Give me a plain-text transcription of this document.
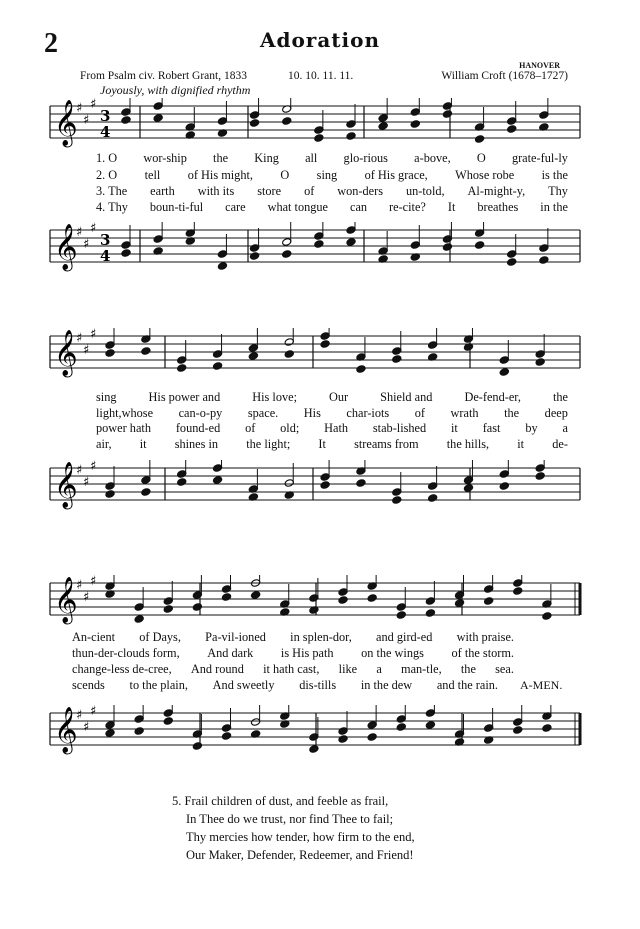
2	Adoration
From Psalm civ. Robert Grant, 1833	10. 10. 11. 11.
HANOVER
William Croft (1678–1727)
Joyously, with dignified rhythm
𝄞
♯
♯
♯
3
4
𝄞
♯
♯
♯
3
4
𝄞
♯
♯
♯
𝄞
♯
♯
♯
𝄞
♯
♯
♯
𝄞
♯
♯
♯
1. O wor-ship the King all glo-rious a-bove, O grate-ful-ly
2. O tell of His might, O sing of His grace, Whose robe is the
3. The earth with its store of won-ders un-told, Al-might-y, Thy
4. Thy boun-ti-ful care what tongue can re-cite? It breathes in the
sing	His power and	His love;	Our	Shield and	De-fend-er,	the
light,whose can-o-py space. His char-iots of wrath the deep
power hath found-ed of old; Hath stab-lished it fast by a
air, it shines in the light; It streams from the hills, it de-
An-cient of Days, Pa-vil-ioned in splen-dor, and gird-ed with praise.
thun-der-clouds form, And dark is His path on the wings of the storm.
change-less de-cree, And round it hath cast, like a man-tle, the sea.
scends to the plain, And sweetly dis-tills in the dew and the rain. A-MEN.
5. Frail children of dust, and feeble as frail,
In Thee do we trust, nor find Thee to fail;
Thy mercies how tender, how firm to the end,
Our Maker, Defender, Redeemer, and Friend!
